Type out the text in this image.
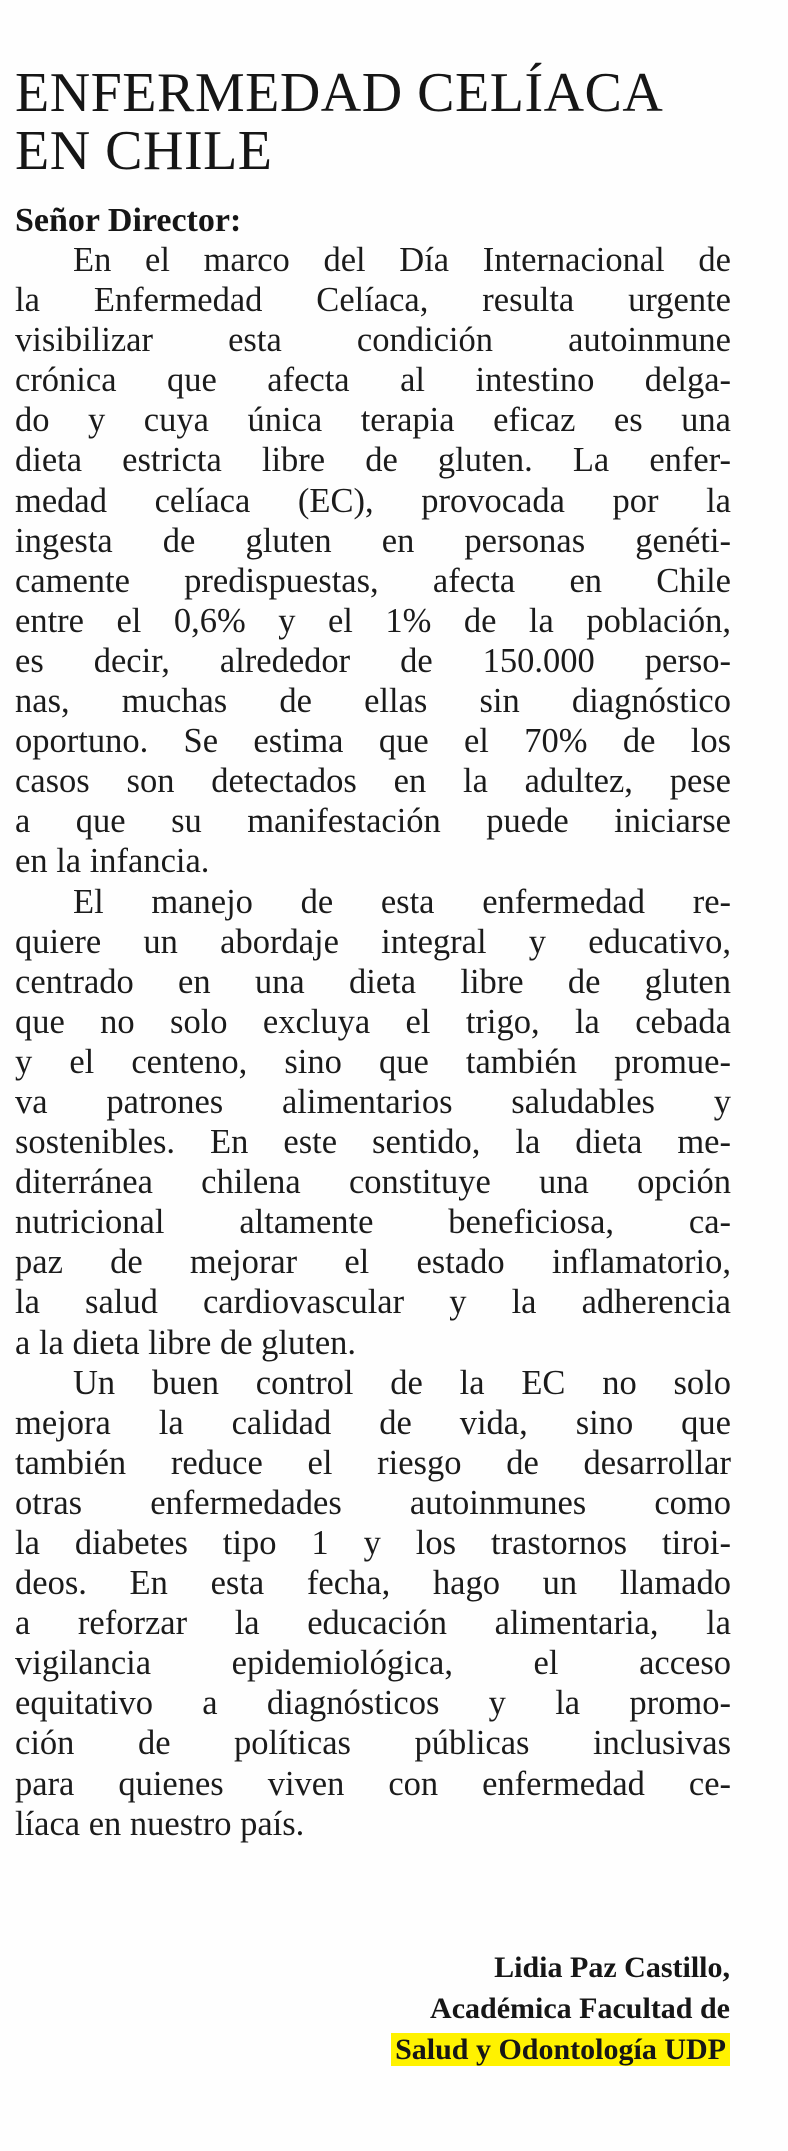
ENFERMEDAD CELÍACA
EN CHILE
Señor Director:
En el marco del Día Internacional de
la Enfermedad Celíaca, resulta urgente
visibilizar esta condición autoinmune
crónica que afecta al intestino delga-
do y cuya única terapia eficaz es una
dieta estricta libre de gluten. La enfer-
medad celíaca (EC), provocada por la
ingesta de gluten en personas genéti-
camente predispuestas, afecta en Chile
entre el 0,6% y el 1% de la población,
es decir, alrededor de 150.000 perso-
nas, muchas de ellas sin diagnóstico
oportuno. Se estima que el 70% de los
casos son detectados en la adultez, pese
a que su manifestación puede iniciarse
en la infancia.
El manejo de esta enfermedad re-
quiere un abordaje integral y educativo,
centrado en una dieta libre de gluten
que no solo excluya el trigo, la cebada
y el centeno, sino que también promue-
va patrones alimentarios saludables y
sostenibles. En este sentido, la dieta me-
diterránea chilena constituye una opción
nutricional altamente beneficiosa, ca-
paz de mejorar el estado inflamatorio,
la salud cardiovascular y la adherencia
a la dieta libre de gluten.
Un buen control de la EC no solo
mejora la calidad de vida, sino que
también reduce el riesgo de desarrollar
otras enfermedades autoinmunes como
la diabetes tipo 1 y los trastornos tiroi-
deos. En esta fecha, hago un llamado
a reforzar la educación alimentaria, la
vigilancia epidemiológica, el acceso
equitativo a diagnósticos y la promo-
ción de políticas públicas inclusivas
para quienes viven con enfermedad ce-
líaca en nuestro país.
Lidia Paz Castillo,
Académica Facultad de
Salud y Odontología UDP
